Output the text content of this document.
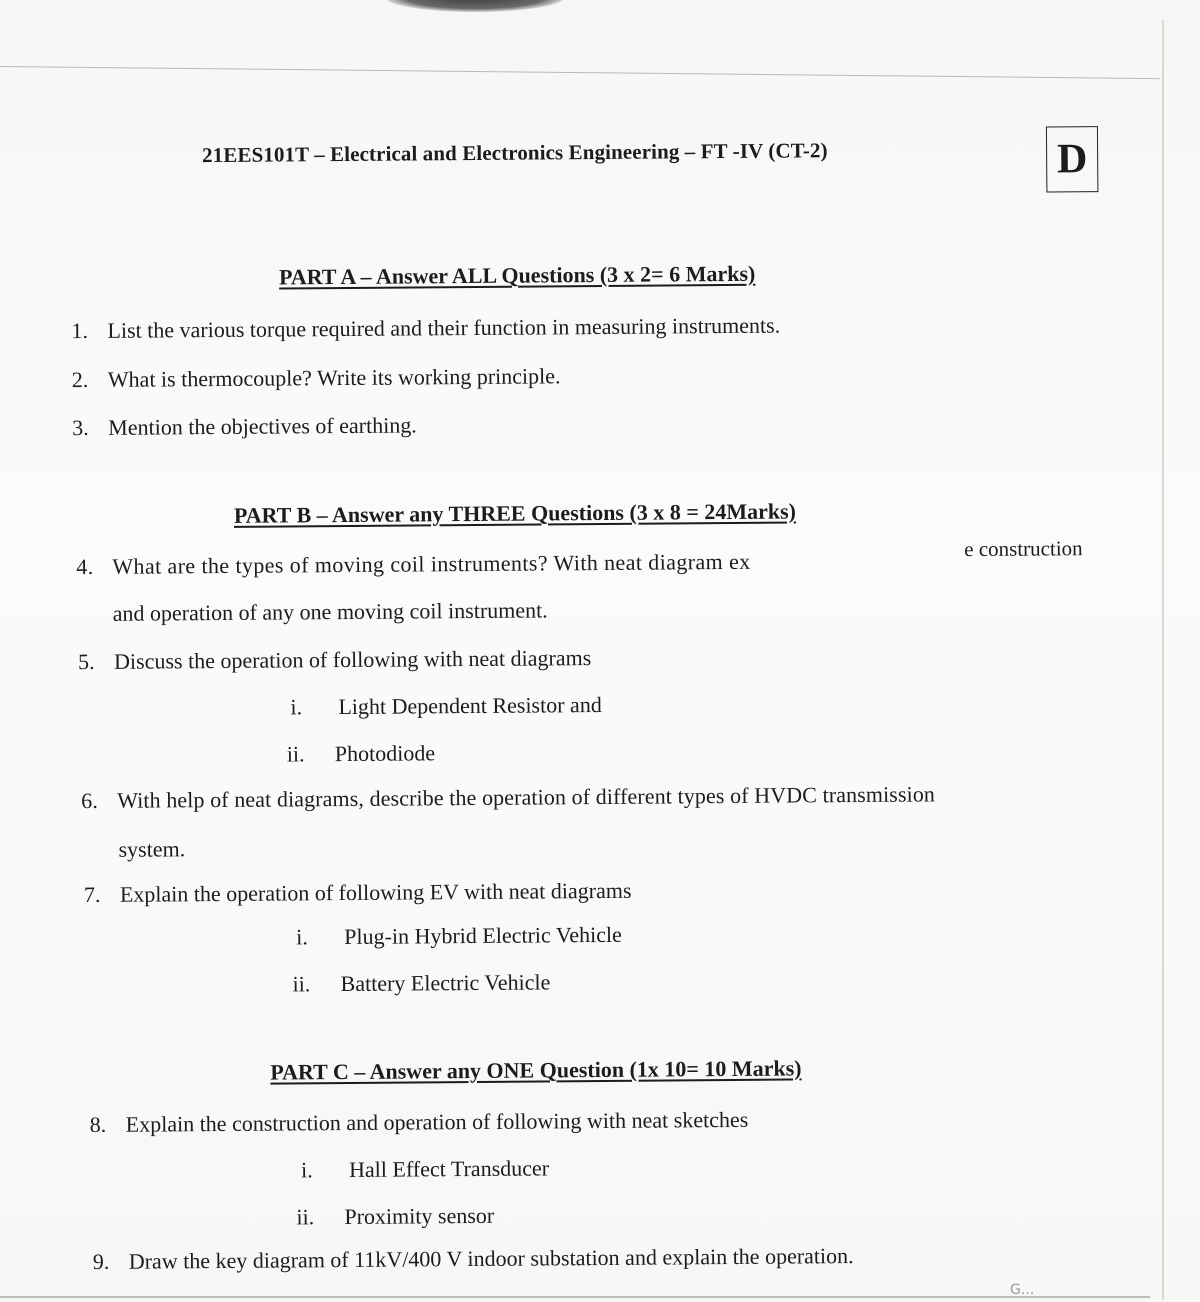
21EES101T – Electrical and Electronics Engineering – FT -IV (CT-2)	D
PART A – Answer ALL Questions (3 x 2= 6 Marks)
1. List the various torque required and their function in measuring instruments.
2. What is thermocouple? Write its working principle.
3. Mention the objectives of earthing.
PART B – Answer any THREE Questions (3 x 8 = 24Marks)
4. What are the types of moving coil instruments? With neat diagram ex
e construction
and operation of any one moving coil instrument.
5. Discuss the operation of following with neat diagrams
i. Light Dependent Resistor and
ii. Photodiode
6. With help of neat diagrams, describe the operation of different types of HVDC transmission
system.
7. Explain the operation of following EV with neat diagrams
i. Plug-in Hybrid Electric Vehicle
ii. Battery Electric Vehicle
PART C – Answer any ONE Question (1x 10= 10 Marks)
8. Explain the construction and operation of following with neat sketches
i. Hall Effect Transducer
ii. Proximity sensor
9. Draw the key diagram of 11kV/400 V indoor substation and explain the operation.
G...
